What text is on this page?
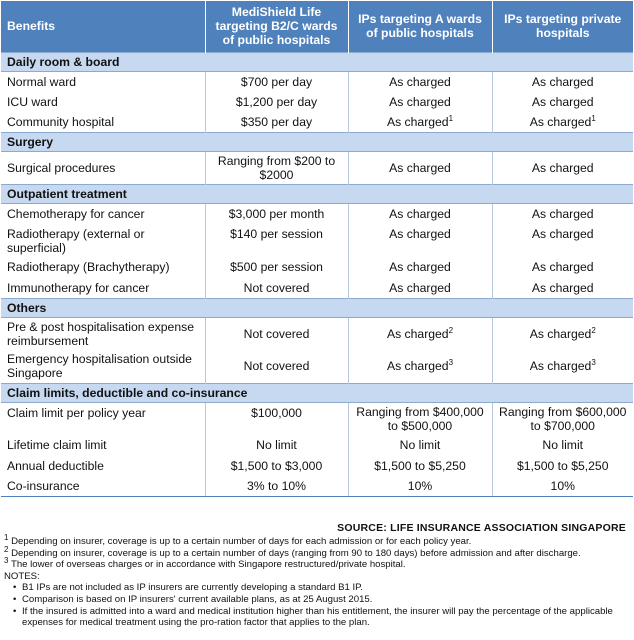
Benefits	MediShield Life targeting B2/C wards of public hospitals	IPs targeting A wards of public hospitals	IPs targeting private hospitals
Daily room & board			
Normal ward	$700 per day	As charged	As charged
ICU ward	$1,200 per day	As charged	As charged
Community hospital	$350 per day	As charged$^1$	As charged$^1$
Surgery			
Surgical procedures	Ranging from $200 to $2000	As charged	As charged
Outpatient treatment			
Chemotherapy for cancer	$3,000 per month	As charged	As charged
Radiotherapy (external or superficial)	$140 per session	As charged	As charged
Radiotherapy (Brachytherapy)	$500 per session	As charged	As charged
Immunotherapy for cancer	Not covered	As charged	As charged
Others			
Pre & post hospitalisation expense reimbursement	Not covered	As charged$^2$	As charged$^2$
Emergency hospitalisation outside Singapore	Not covered	As charged$^3$	As charged$^3$
Claim limits, deductible and co-insurance			
Claim limit per policy year	$100,000	Ranging from $400,000 to $500,000	Ranging from $600,000 to $700,000
Lifetime claim limit	No limit	No limit	No limit
Annual deductible	$1,500 to $3,000	$1,500 to $5,250	$1,500 to $5,250
Co-insurance	3% to 10%	10%	10%
SOURCE: LIFE INSURANCE ASSOCIATION SINGAPORE

$^1$ Depending on insurer, coverage is up to a certain number of days for each admission or for each policy year.

$^2$ Depending on insurer, coverage is up to a certain number of days (ranging from 90 to 180 days) before admission and after discharge.

$^3$ The lower of overseas charges or in accordance with Singapore restructured/private hospital.

NOTES:

• B1 IPs are not included as IP insurers are currently developing a standard B1 IP.
• Comparison is based on IP insurers' current available plans, as at 25 August 2015.
• If the insured is admitted into a ward and medical institution higher than his entitlement, the insurer will pay the percentage of the applicable expenses for medical treatment using the pro-ration factor that applies to the plan.
